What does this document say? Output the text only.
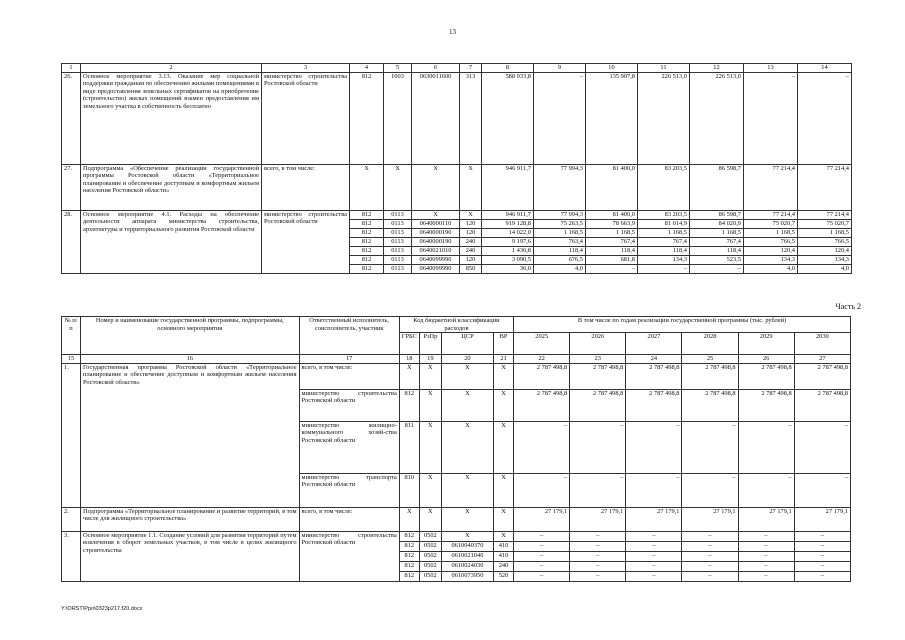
13
1	2	3	4	5	6	7	8	9	10	11	12	13	14
26.	Основное мероприятие 3.13. Оказание мер социальной поддержки гражданам по обеспечению жилыми помещениями в виде предоставления земельных сертификатов на приобретение (строительство) жилых помещений взамен предоставления им земельного участка в собственность бесплатно	министерство строительства Ростовской области	812	1003	0630011600	313	588 933,8	–	135 907,8	226 513,0	226 513,0	–	–
27.	Подпрограмма «Обеспечение реализации государственной программы Ростовской области «Территориальное планирование и обеспечение доступным и комфортным жильем населения Ростовской области»	всего, в том числе:	X	X	X	X	946 911,7	77 994,3	81 400,0	83 203,5	86 598,7	77 214,4	77 214,4
28.	Основное мероприятие 4.1. Расходы на обеспечение деятельности аппарата министерства строительства, архитектуры и территориального развития Ростовской области	министерство строительства Ростовской области	812	0113	X	X	946 911,7	77 994,3	81 400,0	83 203,5	86 598,7	77 214,4	77 214,4
			812	0113	0640000110	120	919 128,8	75 263,5	78 663,9	81 014,9	84 020,9	75 020,7	75 020,7
			812	0113	0640000190	120	14 022,0	1 168,5	1 168,5	1 168,5	1 168,5	1 168,5	1 168,5
			812	0113	0640000190	240	9 197,6	763,4	767,4	767,4	767,4	766,5	766,5
			812	0113	0640021010	240	1 436,8	118,4	118,4	118,4	118,4	120,4	120,4
			812	0113	0640099990	120	3 090,5	676,5	681,8	134,3	523,5	134,3	134,3
			812	0113	0640099990	850	36,0	4,0	–	–	–	4,0	4,0
Часть 2
№ п/п	Номер и наименование государственной программы, подпрограммы, основного мероприятия	Ответственный исполнитель, соисполнитель, участник	Код бюджетной классификации расходов				В том числе по годам реализации государственной программы (тыс. рублей)					
			ГРБС	РзПр	ЦСР	ВР	2025	2026	2027	2028	2029	2030
15	16	17	18	19	20	21	22	23	24	25	26	27
1.	Государственная программа Ростовской области «Территориальное планирование и обеспечение доступным и комфортным жильем населения Ростовской области»	всего, в том числе:	X	X	X	X	2 787 498,8	2 787 498,8	2 787 498,8	2 787 498,8	2 787 498,8	2 787 498,8
		министерство строительства Ростовской области	812	X	X	X	2 787 498,8	2 787 498,8	2 787 498,8	2 787 498,8	2 787 498,8	2 787 498,8
		министерство жилищно-коммунального хозяй-ства Ростовской области	811	X	X	X	–	–	–	–	–	–
		министерство транспорта Ростовской области	810	X	X	X	–	–	–	–	–	–
2.	Подпрограмма «Территориальное планирование и развитие территорий, в том числе для жилищного строительства»	всего, в том числе:	X	X	X	X	27 179,1	27 179,1	27 179,1	27 179,1	27 179,1	27 179,1
3.	Основное мероприятие 1.1. Создание условий для развития территорий путем вовлечения в оборот земельных участков, в том числе в целях жилищного строительства	министерство строительства Ростовской области	812	0502	X	X	–	–	–	–	–	–
			812	0502	0610040370	410	–	–	–	–	–	–
			812	0502	0610021040	410	–	–	–	–	–	–
			812	0502	0610024030	240	–	–	–	–	–	–
			812	0502	0610073950	520	–	–	–	–	–	–
Y:\ORST\Ppo\0323p217.f20.docx
